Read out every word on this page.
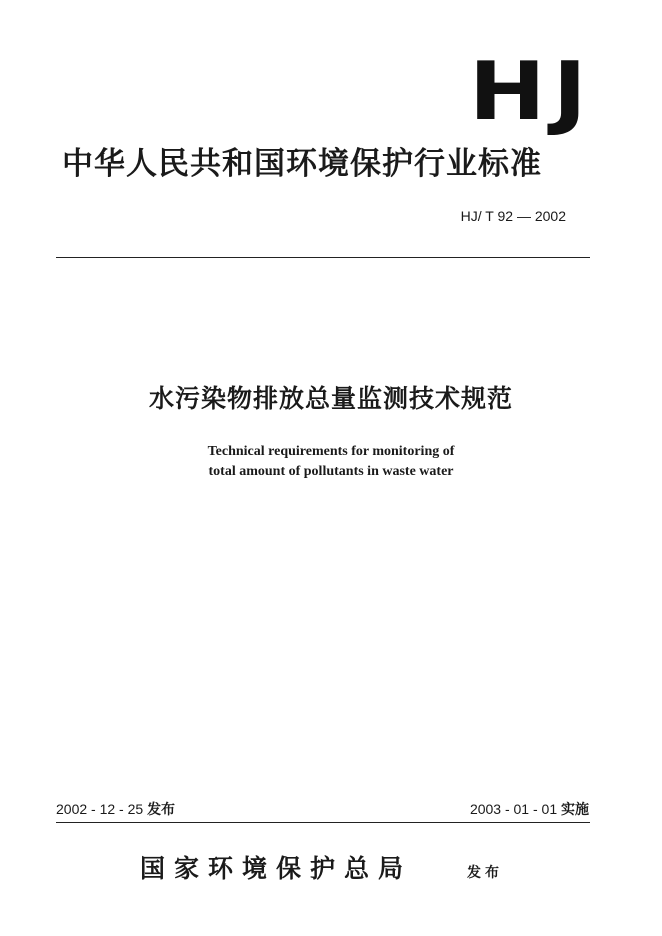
HJ
中华人民共和国环境保护行业标准
HJ/ T 92 — 2002
水污染物排放总量监测技术规范
Technical requirements for monitoring of
total amount of pollutants in waste water
2002 - 12 - 25 发布	2003 - 01 - 01 实施
国家环境保护总局	发布
